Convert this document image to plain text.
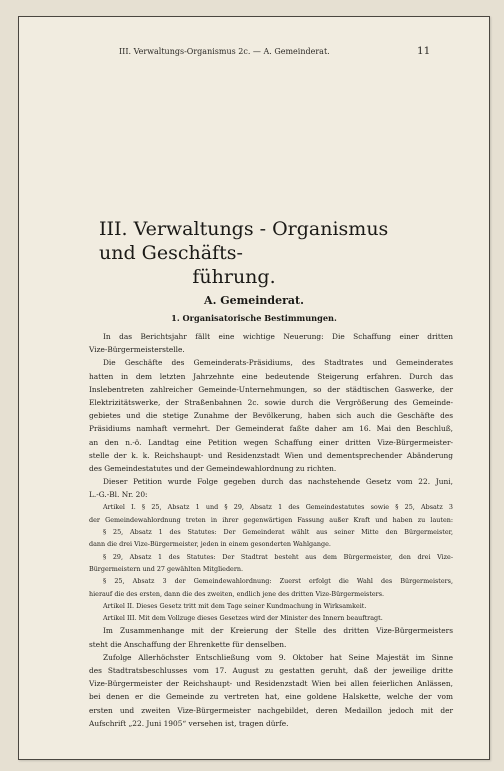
III. Verwaltungs-Organismus 2c. — A. Gemeinderat.	11
III. Verwaltungs - Organismus und Geschäfts-
führung.
A. Gemeinderat.
1. Organisatorische Bestimmungen.
In das Berichtsjahr fällt eine wichtige Neuerung: Die Schaffung einer dritten
Vize-Bürgermeisterstelle.
Die Geschäfte des Gemeinderats-Präsidiums, des Stadtrates und Gemeinderates
hatten in dem letzten Jahrzehnte eine bedeutende Steigerung erfahren. Durch das
Inslebentreten zahlreicher Gemeinde-Unternehmungen, so der städtischen Gaswerke, der
Elektrizitätswerke, der Straßenbahnen 2c. sowie durch die Vergrößerung des Gemeinde-
gebietes und die stetige Zunahme der Bevölkerung, haben sich auch die Geschäfte des
Präsidiums namhaft vermehrt. Der Gemeinderat faßte daher am 16. Mai den Beschluß,
an den n.-ö. Landtag eine Petition wegen Schaffung einer dritten Vize-Bürgermeister-
stelle der k. k. Reichshaupt- und Residenzstadt Wien und dementsprechender Abänderung
des Gemeindestatutes und der Gemeindewahlordnung zu richten.
Dieser Petition wurde Folge gegeben durch das nachstehende Gesetz vom 22. Juni,
L.-G.-Bl. Nr. 20:
Artikel I. § 25, Absatz 1 und § 29, Absatz 1 des Gemeindestatutes sowie § 25, Absatz 3
der Gemeindewahlordnung treten in ihrer gegenwärtigen Fassung außer Kraft und haben zu lauten:
§ 25, Absatz 1 des Statutes: Der Gemeinderat wählt aus seiner Mitte den Bürgermeister,
dann die drei Vize-Bürgermeister, jeden in einem gesonderten Wahlgange.
§ 29, Absatz 1 des Statutes: Der Stadtrat besteht aus dem Bürgermeister, den drei Vize-
Bürgermeistern und 27 gewählten Mitgliedern.
§ 25, Absatz 3 der Gemeindewahlordnung: Zuerst erfolgt die Wahl des Bürgermeisters,
hierauf die des ersten, dann die des zweiten, endlich jene des dritten Vize-Bürgermeisters.
Artikel II. Dieses Gesetz tritt mit dem Tage seiner Kundmachung in Wirksamkeit.
Artikel III. Mit dem Vollzuge dieses Gesetzes wird der Minister des Innern beauftragt.
Im Zusammenhange mit der Kreierung der Stelle des dritten Vize-Bürgermeisters
steht die Anschaffung der Ehrenkette für denselben.
Zufolge Allerhöchster Entschließung vom 9. Oktober hat Seine Majestät im Sinne
des Stadtratsbeschlusses vom 17. August zu gestatten geruht, daß der jeweilige dritte
Vize-Bürgermeister der Reichshaupt- und Residenzstadt Wien bei allen feierlichen Anlässen,
bei denen er die Gemeinde zu vertreten hat, eine goldene Halskette, welche der vom
ersten und zweiten Vize-Bürgermeister nachgebildet, deren Medaillon jedoch mit der
Aufschrift „22. Juni 1905“ versehen ist, tragen dürfe.
